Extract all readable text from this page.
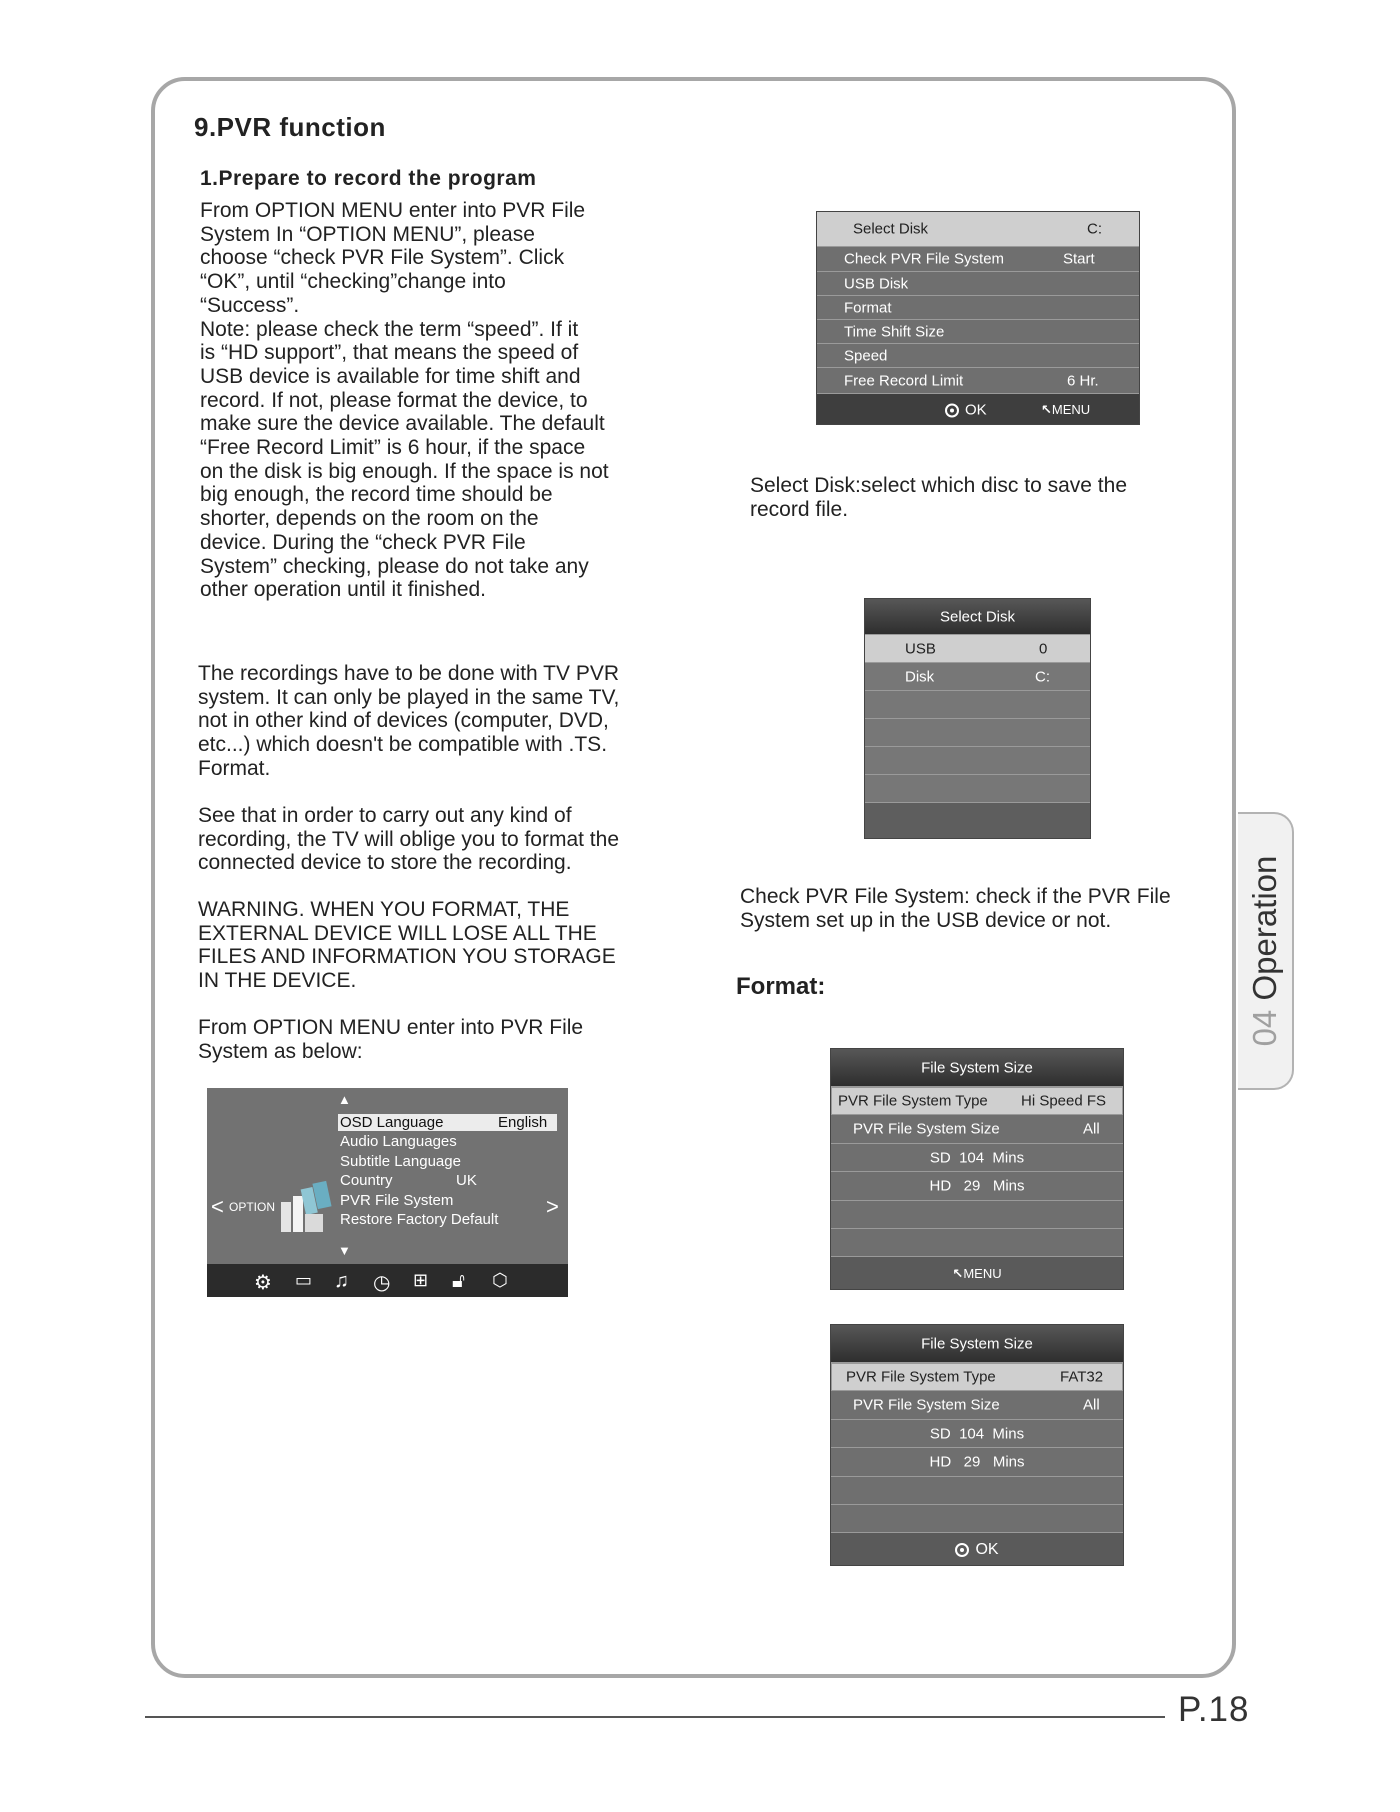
04 Operation
9.PVR function
1.Prepare to record the program

From OPTION MENU enter into PVR File
System In “OPTION MENU”, please
choose “check PVR File System”. Click
“OK”, until “checking”change into
“Success”.
Note: please check the term “speed”. If it
is “HD support”, that means the speed of
USB device is available for time shift and
record. If not, please format the device, to
make sure the device available. The default
“Free Record Limit” is 6 hour, if the space
on the disk is big enough. If the space is not
big enough, the record time should be
shorter, depends on the room on the
device. During the “check PVR File
System” checking, please do not take any
other operation until it finished.

The recordings have to be done with TV PVR
system. It can only be played in the same TV,
not in other kind of devices (computer, DVD,
etc...) which doesn't be compatible with .TS.
Format.

See that in order to carry out any kind of
recording, the TV will oblige you to format the
connected device to store the recording.

WARNING. WHEN YOU FORMAT, THE
EXTERNAL DEVICE WILL LOSE ALL THE
FILES AND INFORMATION YOU STORAGE
IN THE DEVICE.

From OPTION MENU enter into PVR File
System as below:

Select Disk:select which disc to save the
record file.

Check PVR File System: check if the PVR File
System set up in the USB device or not.

Format:
Select Disk	C:
Check PVR File System	Start
USB Disk
Format
Time Shift Size
Speed
Free Record Limit	6 Hr.
OK	↖MENU
Select Disk
USB	0
Disk	C:
File System Size
PVR File System Type Hi Speed FS
PVR File System Size	All
SD  104  Mins
HD   29   Mins
↖MENU
File System Size
PVR File System Type	FAT32
PVR File System Size	All
SD  104  Mins
HD   29   Mins
OK
▲
OSD Language	English
Audio Languages
Subtitle Language
Country	UK
PVR File System
Restore Factory Default
▼
< OPTION	>
⚙ ▭ ♫ ◷ ⊞ 🔓︎ ⬡
P.18
